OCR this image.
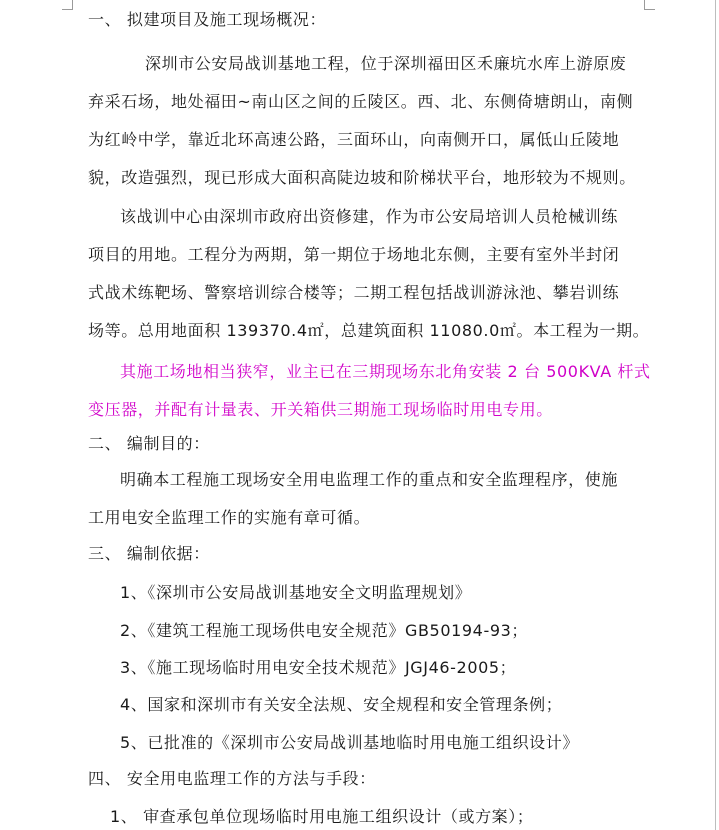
一、 拟建项目及施工现场概况：
深圳市公安局战训基地工程，位于深圳福田区禾廉坑水库上游原废
弃采石场，地处福田~南山区之间的丘陵区。西、北、东侧倚塘朗山，南侧
为红岭中学，靠近北环高速公路，三面环山，向南侧开口，属低山丘陵地
貌，改造强烈，现已形成大面积高陡边坡和阶梯状平台，地形较为不规则。
该战训中心由深圳市政府出资修建，作为市公安局培训人员枪械训练
项目的用地。工程分为两期，第一期位于场地北东侧，主要有室外半封闭
式战术练靶场、警察培训综合楼等；二期工程包括战训游泳池、攀岩训练
场等。总用地面积 139370.4㎡，总建筑面积 11080.0㎡。本工程为一期。
其施工场地相当狭窄，业主已在三期现场东北角安装 2 台 500KVA 杆式
变压器，并配有计量表、开关箱供三期施工现场临时用电专用。
二、 编制目的：
明确本工程施工现场安全用电监理工作的重点和安全监理程序，使施
工用电安全监理工作的实施有章可循。
三、 编制依据：
1、《深圳市公安局战训基地安全文明监理规划》
2、《建筑工程施工现场供电安全规范》GB50194-93；
3、《施工现场临时用电安全技术规范》JGJ46-2005；
4、国家和深圳市有关安全法规、安全规程和安全管理条例；
5、已批准的《深圳市公安局战训基地临时用电施工组织设计》
四、 安全用电监理工作的方法与手段：
1、 审查承包单位现场临时用电施工组织设计（或方案）；
